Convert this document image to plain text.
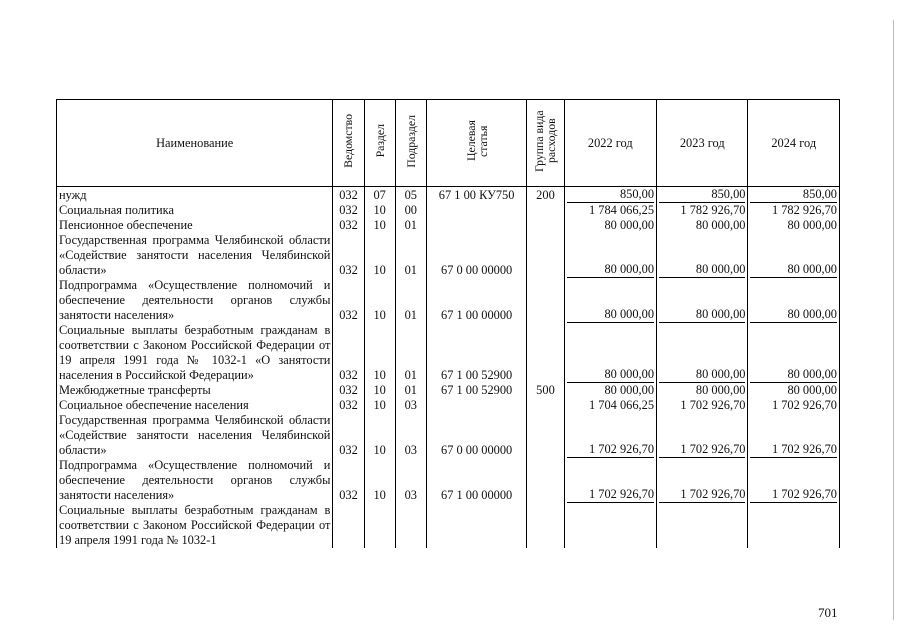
Наименование	Ведомство	Раздел	Подраздел	Целевая статья	Группа вида расходов	2022 год	2023 год	2024 год
нужд	032	07	05	67 1 00 КУ750	200	850,00	850,00	850,00

Социальная политика	032	10	00			1 784 066,25	1 782 926,70	1 782 926,70
Пенсионное обеспечение	032	10	01			80 000,00	80 000,00	80 000,00
Государственная программа Челябинской области «Содействие занятости населения Челябинской области»	032	10	01	67 0 00 00000		80 000,00	80 000,00	80 000,00

Подпрограмма «Осуществление полномочий и обеспечение деятельности органов службы занятости населения»	032	10	01	67 1 00 00000		80 000,00	80 000,00	80 000,00

Социальные выплаты безработным гражданам в соответствии с Законом Российской Федерации от 19 апреля 1991 года № 1032-1 «О занятости населения в Российской Федерации»	032	10	01	67 1 00 52900		80 000,00	80 000,00	80 000,00

Межбюджетные трансферты	032	10	01	67 1 00 52900	500	80 000,00	80 000,00	80 000,00
Социальное обеспечение населения	032	10	03			1 704 066,25	1 702 926,70	1 702 926,70
Государственная программа Челябинской области «Содействие занятости населения Челябинской области»	032	10	03	67 0 00 00000		1 702 926,70	1 702 926,70	1 702 926,70

Подпрограмма «Осуществление полномочий и обеспечение деятельности органов службы занятости населения»	032	10	03	67 1 00 00000		1 702 926,70	1 702 926,70	1 702 926,70

Социальные выплаты безработным гражданам в соответствии с Законом Российской Федерации от 19 апреля 1991 года № 1032-1								
701
